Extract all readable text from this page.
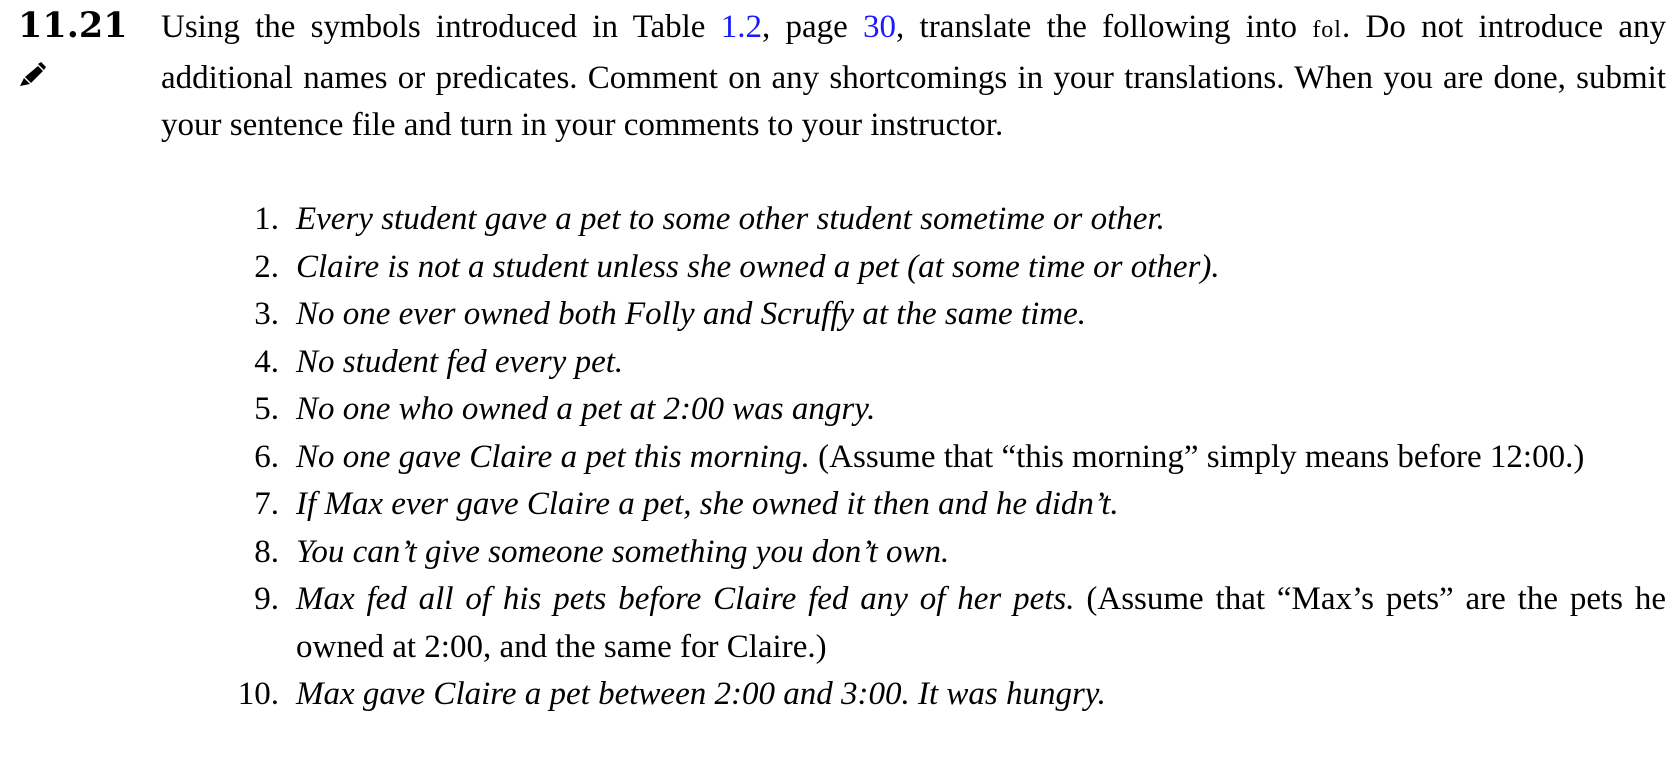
11.21 Using the symbols introduced in Table 1.2, page 30, translate the following into fol. Do not introduce any additional names or predicates. Comment on any shortcomings in your translations. When you are done, submit your sentence file and turn in your comments to your instructor.

1. Every student gave a pet to some other student sometime or other.
2. Claire is not a student unless she owned a pet (at some time or other).
3. No one ever owned both Folly and Scruffy at the same time.
4. No student fed every pet.
5. No one who owned a pet at 2:00 was angry.
6. No one gave Claire a pet this morning. (Assume that “this morning” simply means before 12:00.)
7. If Max ever gave Claire a pet, she owned it then and he didn’t.
8. You can’t give someone something you don’t own.
9. Max fed all of his pets before Claire fed any of her pets. (Assume that “Max’s pets” are the pets he owned at 2:00, and the same for Claire.)
10. Max gave Claire a pet between 2:00 and 3:00. It was hungry.
